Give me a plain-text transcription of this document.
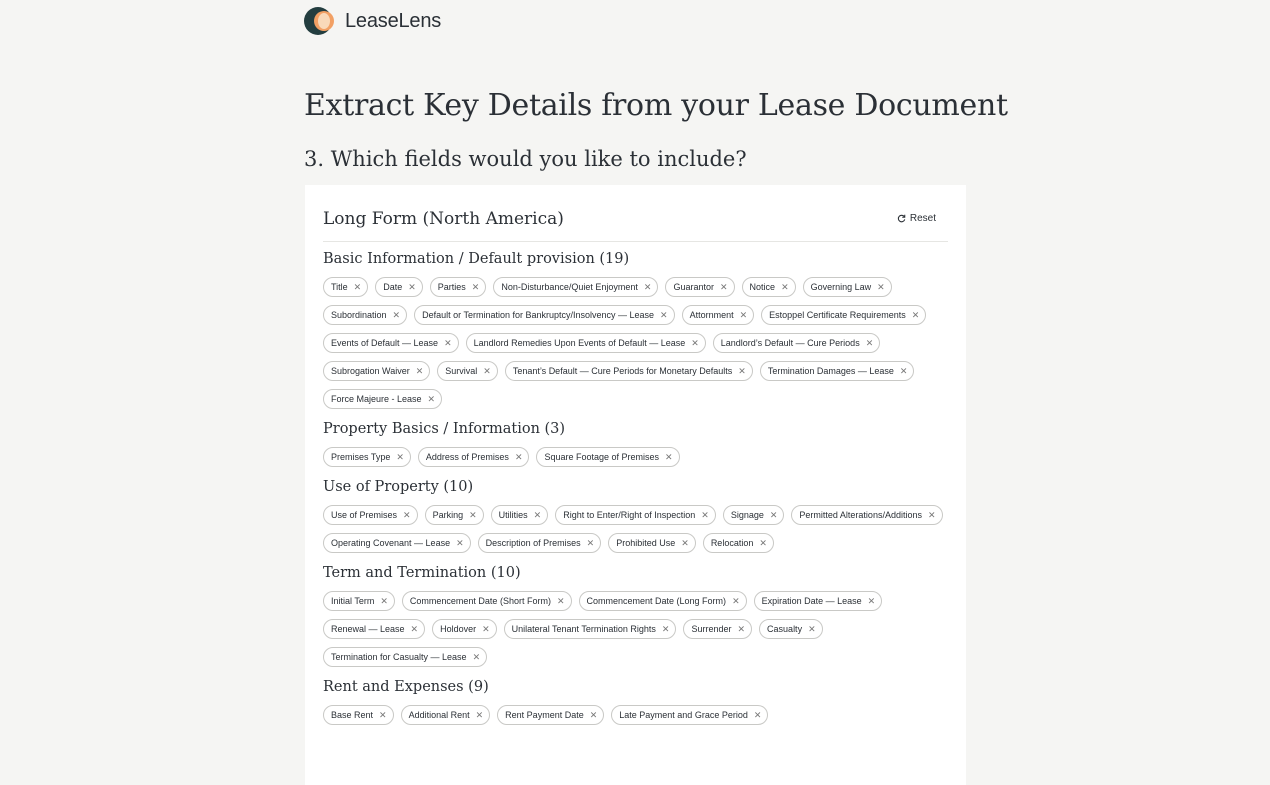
LeaseLens
Extract Key Details from your Lease Document
3. Which fields would you like to include?
Long Form (North America)	Reset
Basic Information / Default provision (19)
Title ✕ Date ✕ Parties ✕ Non-Disturbance/Quiet Enjoyment ✕ Guarantor ✕ Notice ✕ Governing Law ✕
Subordination ✕ Default or Termination for Bankruptcy/Insolvency — Lease ✕ Attornment ✕ Estoppel Certificate Requirements ✕
Events of Default — Lease ✕ Landlord Remedies Upon Events of Default — Lease ✕ Landlord’s Default — Cure Periods ✕
Subrogation Waiver ✕ Survival ✕ Tenant’s Default — Cure Periods for Monetary Defaults ✕ Termination Damages — Lease ✕
Force Majeure - Lease ✕
Property Basics / Information (3)
Premises Type ✕ Address of Premises ✕ Square Footage of Premises ✕
Use of Property (10)
Use of Premises ✕ Parking ✕ Utilities ✕ Right to Enter/Right of Inspection ✕ Signage ✕ Permitted Alterations/Additions ✕
Operating Covenant — Lease ✕ Description of Premises ✕ Prohibited Use ✕ Relocation ✕
Term and Termination (10)
Initial Term ✕ Commencement Date (Short Form) ✕ Commencement Date (Long Form) ✕ Expiration Date — Lease ✕
Renewal — Lease ✕ Holdover ✕ Unilateral Tenant Termination Rights ✕ Surrender ✕ Casualty ✕
Termination for Casualty — Lease ✕
Rent and Expenses (9)
Base Rent ✕ Additional Rent ✕ Rent Payment Date ✕ Late Payment and Grace Period ✕
